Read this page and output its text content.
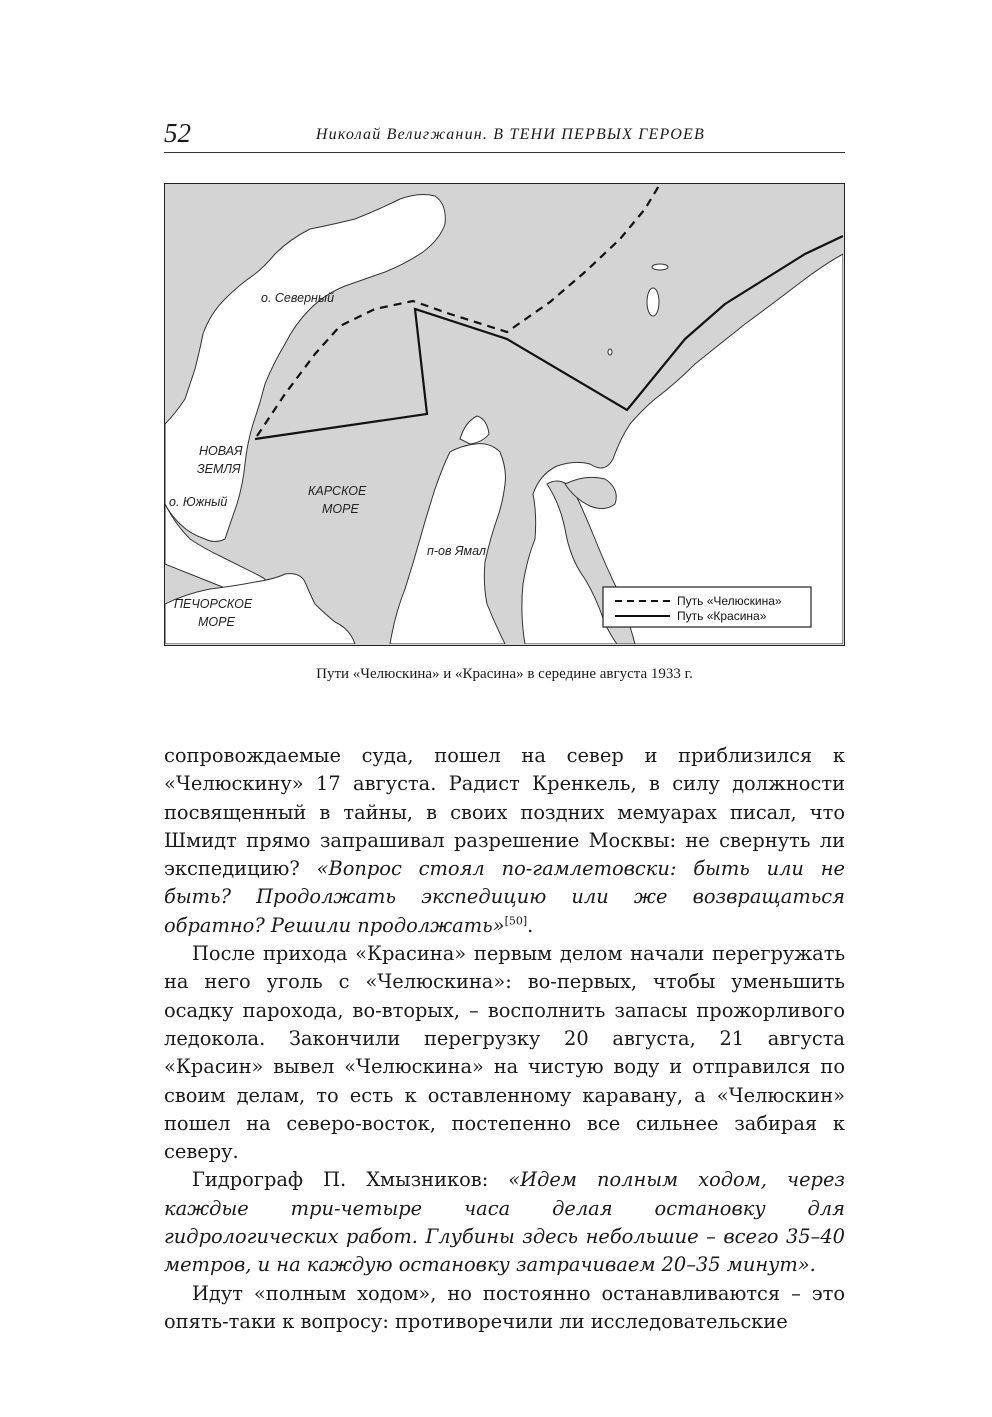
52	Николай Велигжанин. В ТЕНИ ПЕРВЫХ ГЕРОЕВ
о. Северный
НОВАЯ
ЗЕМЛЯ
о. Южный
КАРСКОЕ
МОРЕ
п-ов Ямал
ПЕЧОРСКОЕ
МОРЕ
Путь «Челюскина»
Путь «Красина»
Пути «Челюскина» и «Красина» в середине августа 1933 г.

сопровождаемые суда, пошел на север и приблизился к «Челюскину» 17 августа. Радист Кренкель, в силу должности посвященный в тайны, в своих поздних мемуарах писал, что Шмидт прямо запрашивал разрешение Москвы: не свернуть ли экспедицию? «Вопрос стоял по-гамлетовски: быть или не быть? Продолжать экспедицию или же возвращаться обратно? Решили продолжать»[50].

После прихода «Красина» первым делом начали перегружать на него уголь с «Челюскина»: во-первых, чтобы уменьшить осадку парохода, во-вторых, – восполнить запасы прожорливого ледокола. Закончили перегрузку 20 августа, 21 августа «Красин» вывел «Челюскина» на чистую воду и отправился по своим делам, то есть к оставленному каравану, а «Челюскин» пошел на северо-восток, постепенно все сильнее забирая к северу.

Гидрограф П. Хмызников: «Идем полным ходом, через каждые три-четыре часа делая остановку для гидрологических работ. Глубины здесь небольшие – всего 35–40 метров, и на каждую остановку затрачиваем 20–35 минут».

Идут «полным ходом», но постоянно останавливаются – это опять-таки к вопросу: противоречили ли исследовательские
